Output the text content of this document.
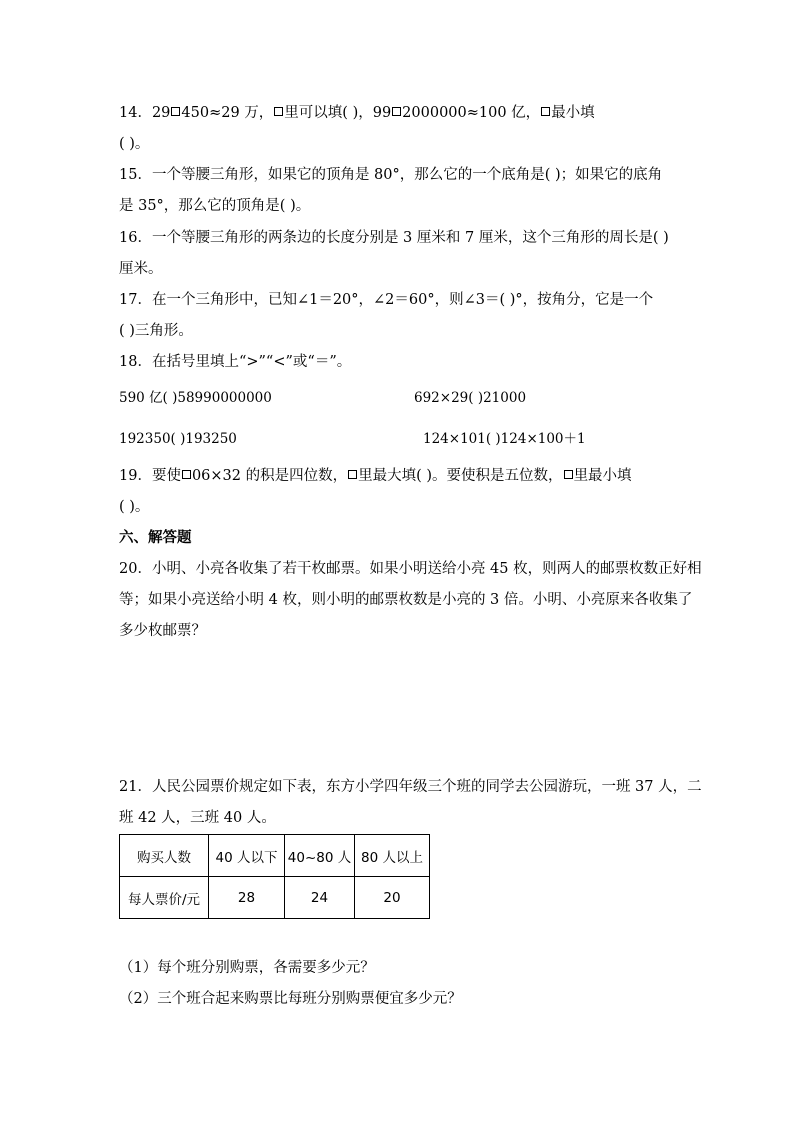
14．29 450≈29 万， 里可以填( )，99 2000000≈100 亿， 最小填
( )。
15．一个等腰三角形，如果它的顶角是 80°，那么它的一个底角是( )；如果它的底角
是 35°，那么它的顶角是( )。
16．一个等腰三角形的两条边的长度分别是 3 厘米和 7 厘米，这个三角形的周长是( )
厘米。
17．在一个三角形中，已知∠1＝20°，∠2＝60°，则∠3＝( )°，按角分，它是一个
( )三角形。
18．在括号里填上“>”“<”或“＝”。
590 亿( )58990000000	692×29( )21000
192350( )193250	124×101( )124×100＋1
19．要使 06×32 的积是四位数， 里最大填( )。要使积是五位数， 里最小填
( )。
六、解答题
20．小明、小亮各收集了若干枚邮票。如果小明送给小亮 45 枚，则两人的邮票枚数正好相
等；如果小亮送给小明 4 枚，则小明的邮票枚数是小亮的 3 倍。小明、小亮原来各收集了
多少枚邮票？
21．人民公园票价规定如下表，东方小学四年级三个班的同学去公园游玩，一班 37 人，二
班 42 人，三班 40 人。
购买人数	40 人以下	40~80 人	80 人以上
每人票价/元	28	24	20
（1）每个班分别购票，各需要多少元？
（2）三个班合起来购票比每班分别购票便宜多少元？
